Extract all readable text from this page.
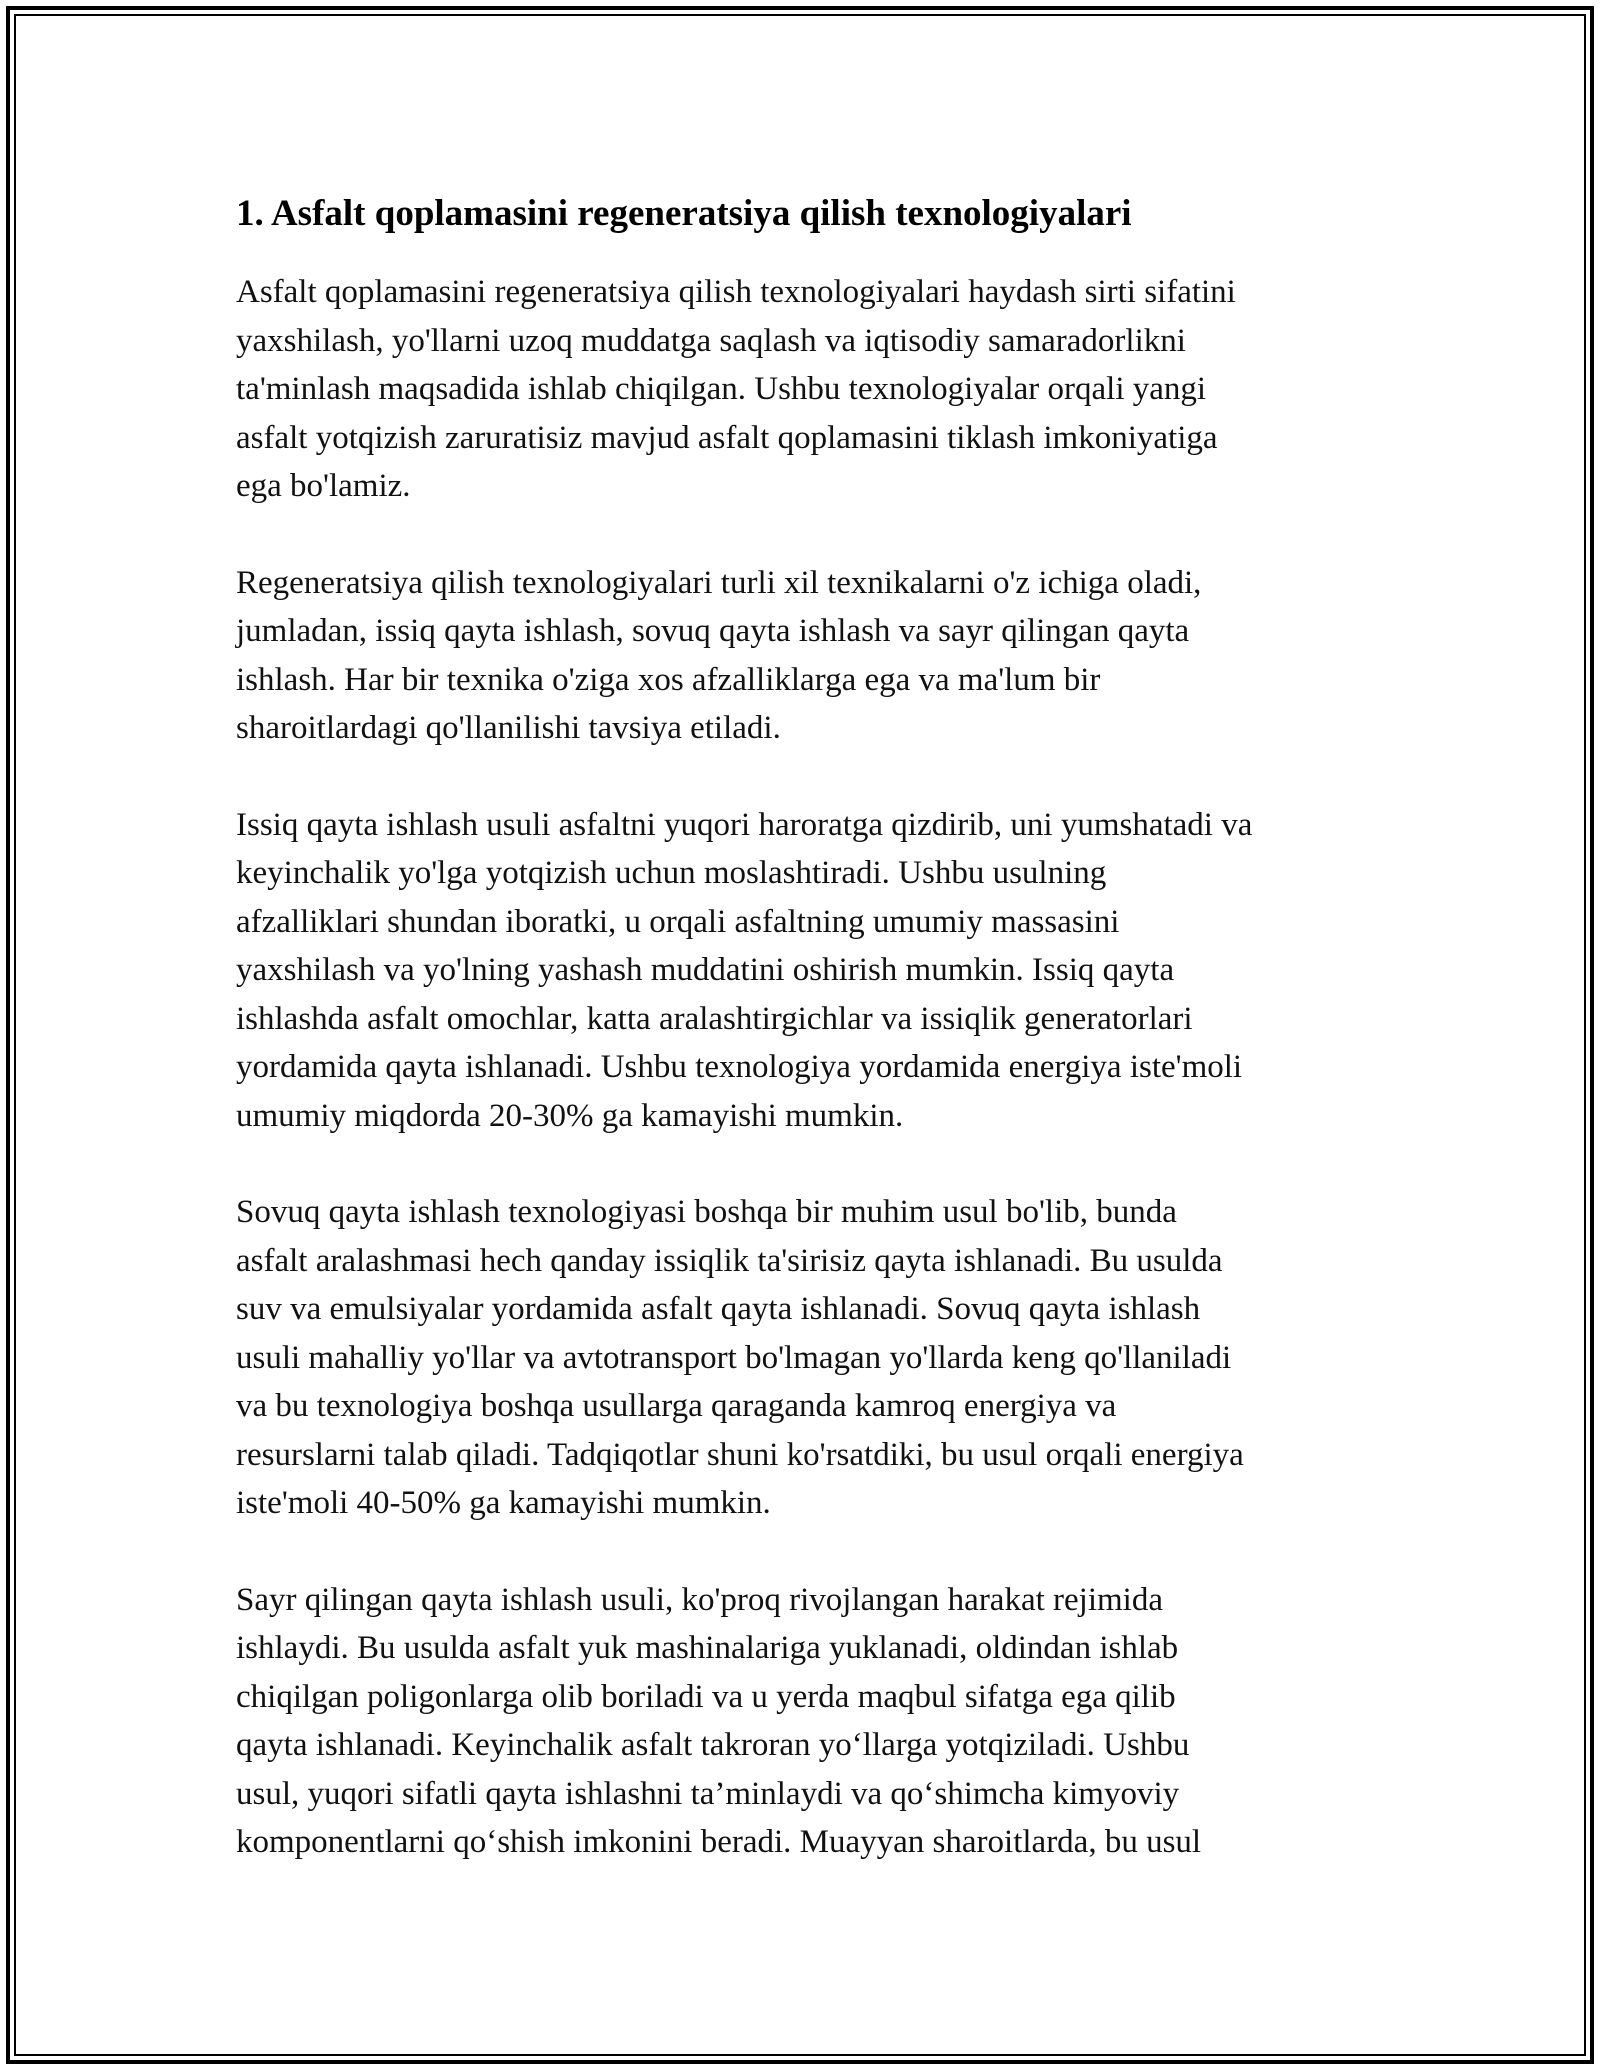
1. Asfalt qoplamasini regeneratsiya qilish texnologiyalari

Asfalt qoplamasini regeneratsiya qilish texnologiyalari haydash sirti sifatini
yaxshilash, yo'llarni uzoq muddatga saqlash va iqtisodiy samaradorlikni
ta'minlash maqsadida ishlab chiqilgan. Ushbu texnologiyalar orqali yangi
asfalt yotqizish zaruratisiz mavjud asfalt qoplamasini tiklash imkoniyatiga
ega bo'lamiz.

Regeneratsiya qilish texnologiyalari turli xil texnikalarni o'z ichiga oladi,
jumladan, issiq qayta ishlash, sovuq qayta ishlash va sayr qilingan qayta
ishlash. Har bir texnika o'ziga xos afzalliklarga ega va ma'lum bir
sharoitlardagi qo'llanilishi tavsiya etiladi.

Issiq qayta ishlash usuli asfaltni yuqori haroratga qizdirib, uni yumshatadi va
keyinchalik yo'lga yotqizish uchun moslashtiradi. Ushbu usulning
afzalliklari shundan iboratki, u orqali asfaltning umumiy massasini
yaxshilash va yo'lning yashash muddatini oshirish mumkin. Issiq qayta
ishlashda asfalt omochlar, katta aralashtirgichlar va issiqlik generatorlari
yordamida qayta ishlanadi. Ushbu texnologiya yordamida energiya iste'moli
umumiy miqdorda 20-30% ga kamayishi mumkin.

Sovuq qayta ishlash texnologiyasi boshqa bir muhim usul bo'lib, bunda
asfalt aralashmasi hech qanday issiqlik ta'sirisiz qayta ishlanadi. Bu usulda
suv va emulsiyalar yordamida asfalt qayta ishlanadi. Sovuq qayta ishlash
usuli mahalliy yo'llar va avtotransport bo'lmagan yo'llarda keng qo'llaniladi
va bu texnologiya boshqa usullarga qaraganda kamroq energiya va
resurslarni talab qiladi. Tadqiqotlar shuni ko'rsatdiki, bu usul orqali energiya
iste'moli 40-50% ga kamayishi mumkin.

Sayr qilingan qayta ishlash usuli, ko'proq rivojlangan harakat rejimida
ishlaydi. Bu usulda asfalt yuk mashinalariga yuklanadi, oldindan ishlab
chiqilgan poligonlarga olib boriladi va u yerda maqbul sifatga ega qilib
qayta ishlanadi. Keyinchalik asfalt takroran yo‘llarga yotqiziladi. Ushbu
usul, yuqori sifatli qayta ishlashni ta’minlaydi va qo‘shimcha kimyoviy
komponentlarni qo‘shish imkonini beradi. Muayyan sharoitlarda, bu usul
